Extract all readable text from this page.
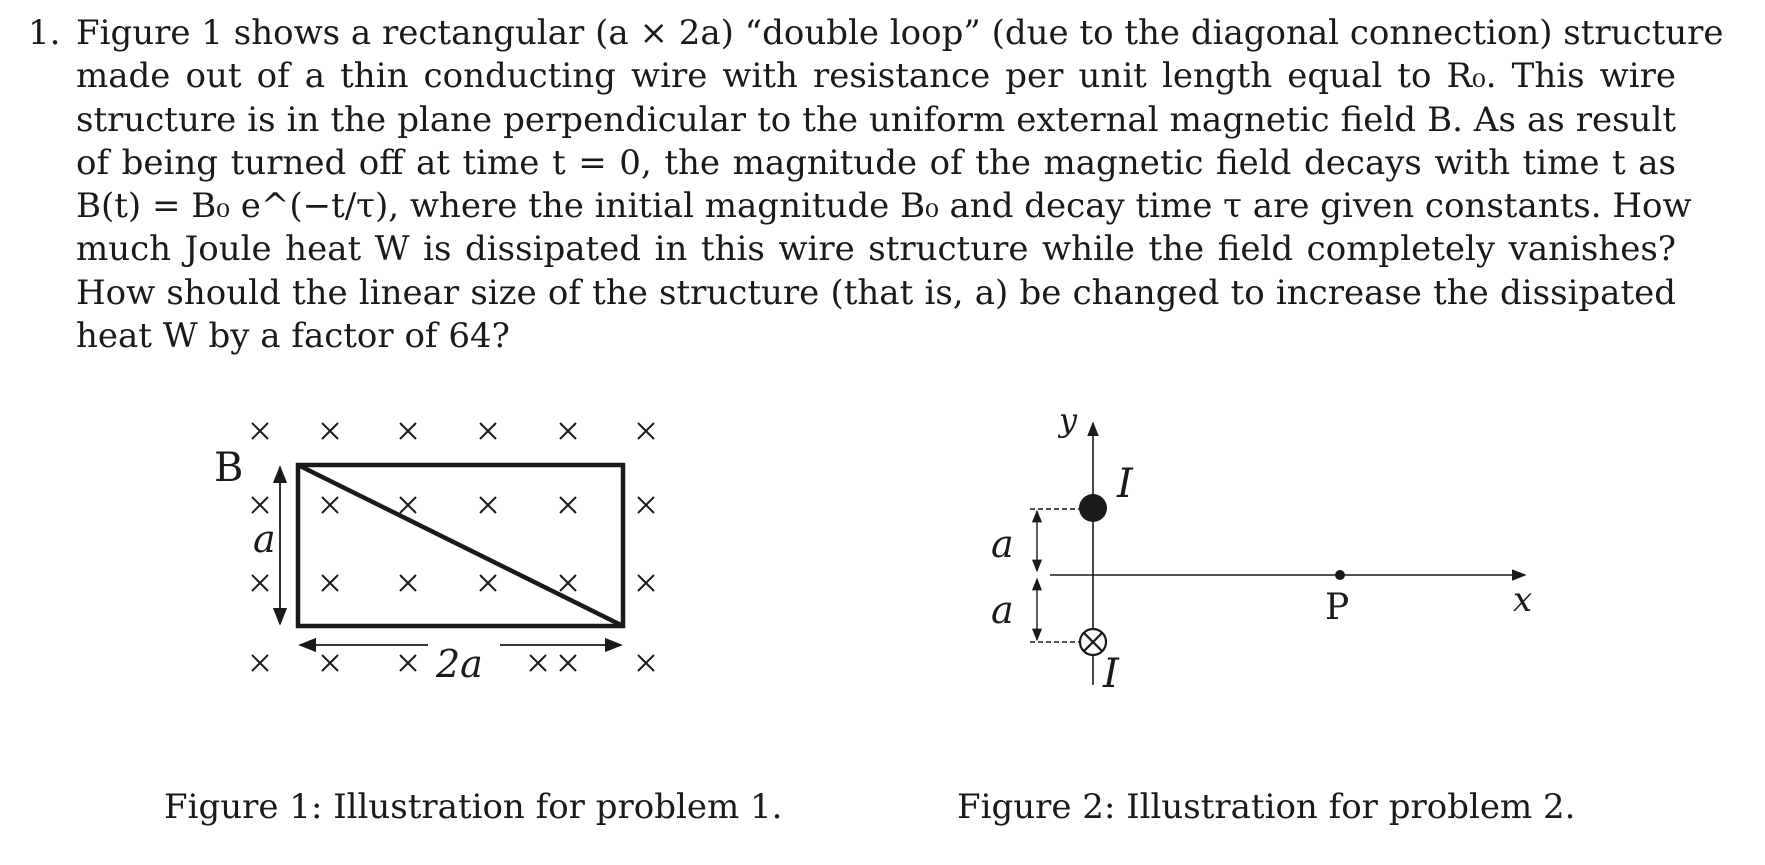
1. Figure 1 shows a rectangular (a × 2a) “double loop” (due to the diagonal connection) structure
made out of a thin conducting wire with resistance per unit length equal to R₀. This wire
structure is in the plane perpendicular to the uniform external magnetic field B. As as result
of being turned off at time t = 0, the magnitude of the magnetic field decays with time t as
B(t) = B₀ e^(−t/τ), where the initial magnitude B₀ and decay time τ are given constants. How
much Joule heat W is dissipated in this wire structure while the field completely vanishes?
How should the linear size of the structure (that is, a) be changed to increase the dissipated
heat W by a factor of 64?
B
a
2a
Figure 1: Illustration for problem 1.
y
x
I
I
a
a	P
Figure 2: Illustration for problem 2.
